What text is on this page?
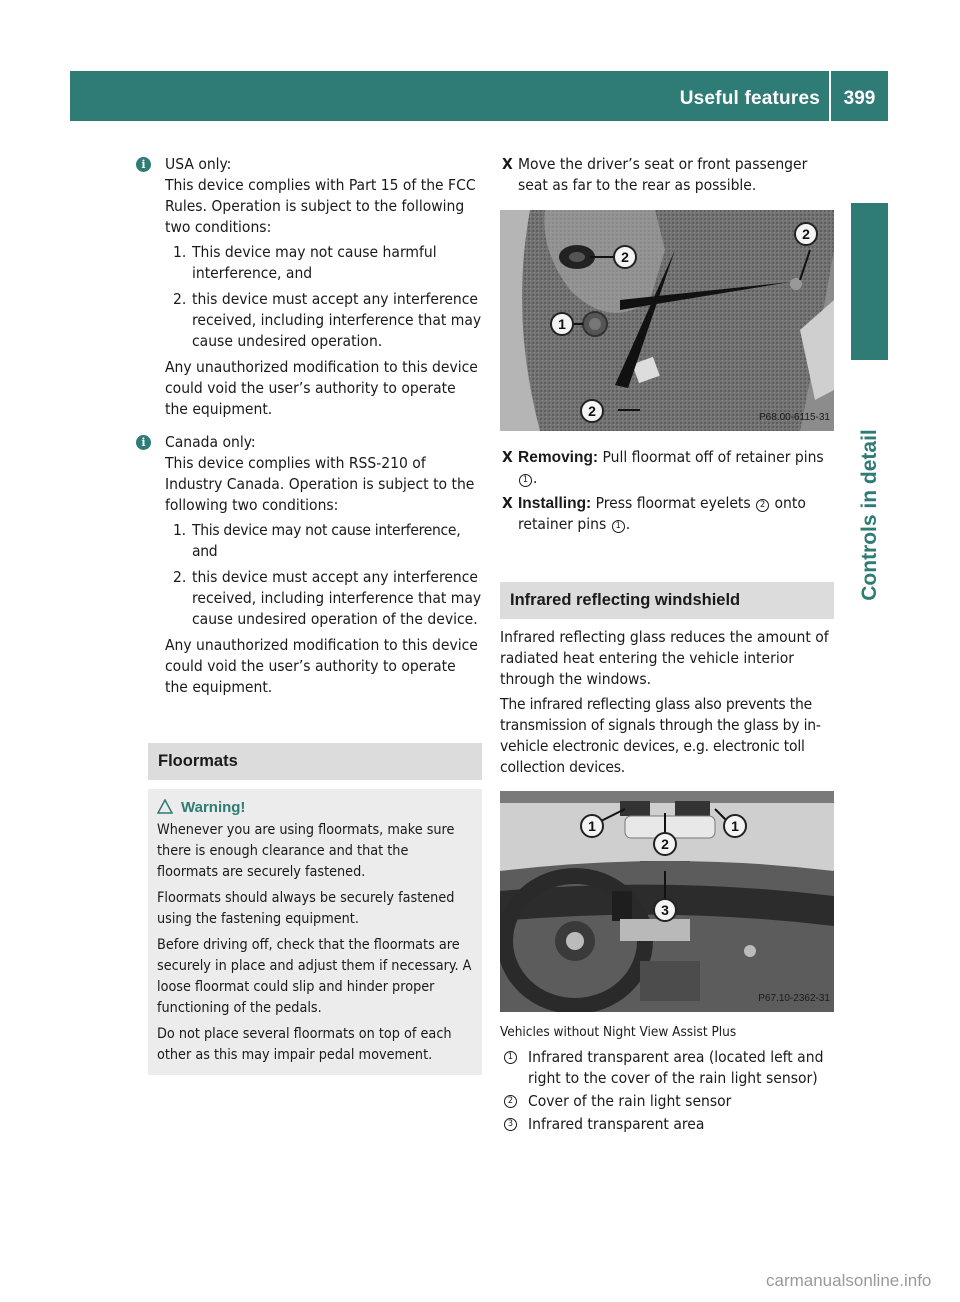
Useful features	399
Controls in detail
i	USA only:
This device complies with Part 15 of the FCC Rules. Operation is subject to the following two conditions:
1. This device may not cause harmful interference, and
2. this device must accept any interference received, including interference that may cause undesired operation.
Any unauthorized modification to this device could void the user’s authority to operate the equipment.
i	Canada only:
This device complies with RSS-210 of Industry Canada. Operation is subject to the following two conditions:
1. This device may not cause interference, and
2. this device must accept any interference received, including interference that may cause undesired operation of the device.
Any unauthorized modification to this device could void the user’s authority to operate the equipment.
Floormats
Warning!
Whenever you are using floormats, make sure there is enough clearance and that the floormats are securely fastened.
Floormats should always be securely fastened using the fastening equipment.
Before driving off, check that the floormats are securely in place and adjust them if necessary. A loose floormat could slip and hinder proper functioning of the pedals.
Do not place several floormats on top of each other as this may impair pedal movement.
X Move the driver’s seat or front passenger seat as far to the rear as possible.
2
2
1
2	P68.00-6115-31
X Removing: Pull floormat off of retainer pins 1 .
X Installing: Press floormat eyelets 2 onto retainer pins 1 .
Infrared reflecting windshield
Infrared reflecting glass reduces the amount of radiated heat entering the vehicle interior through the windows.
The infrared reflecting glass also prevents the transmission of signals through the glass by in-vehicle electronic devices, e.g. electronic toll collection devices.
1	1
2
3
P67.10-2362-31
Vehicles without Night View Assist Plus
1 Infrared transparent area (located left and right to the cover of the rain light sensor)
2 Cover of the rain light sensor
3 Infrared transparent area
carmanualsonline.info
